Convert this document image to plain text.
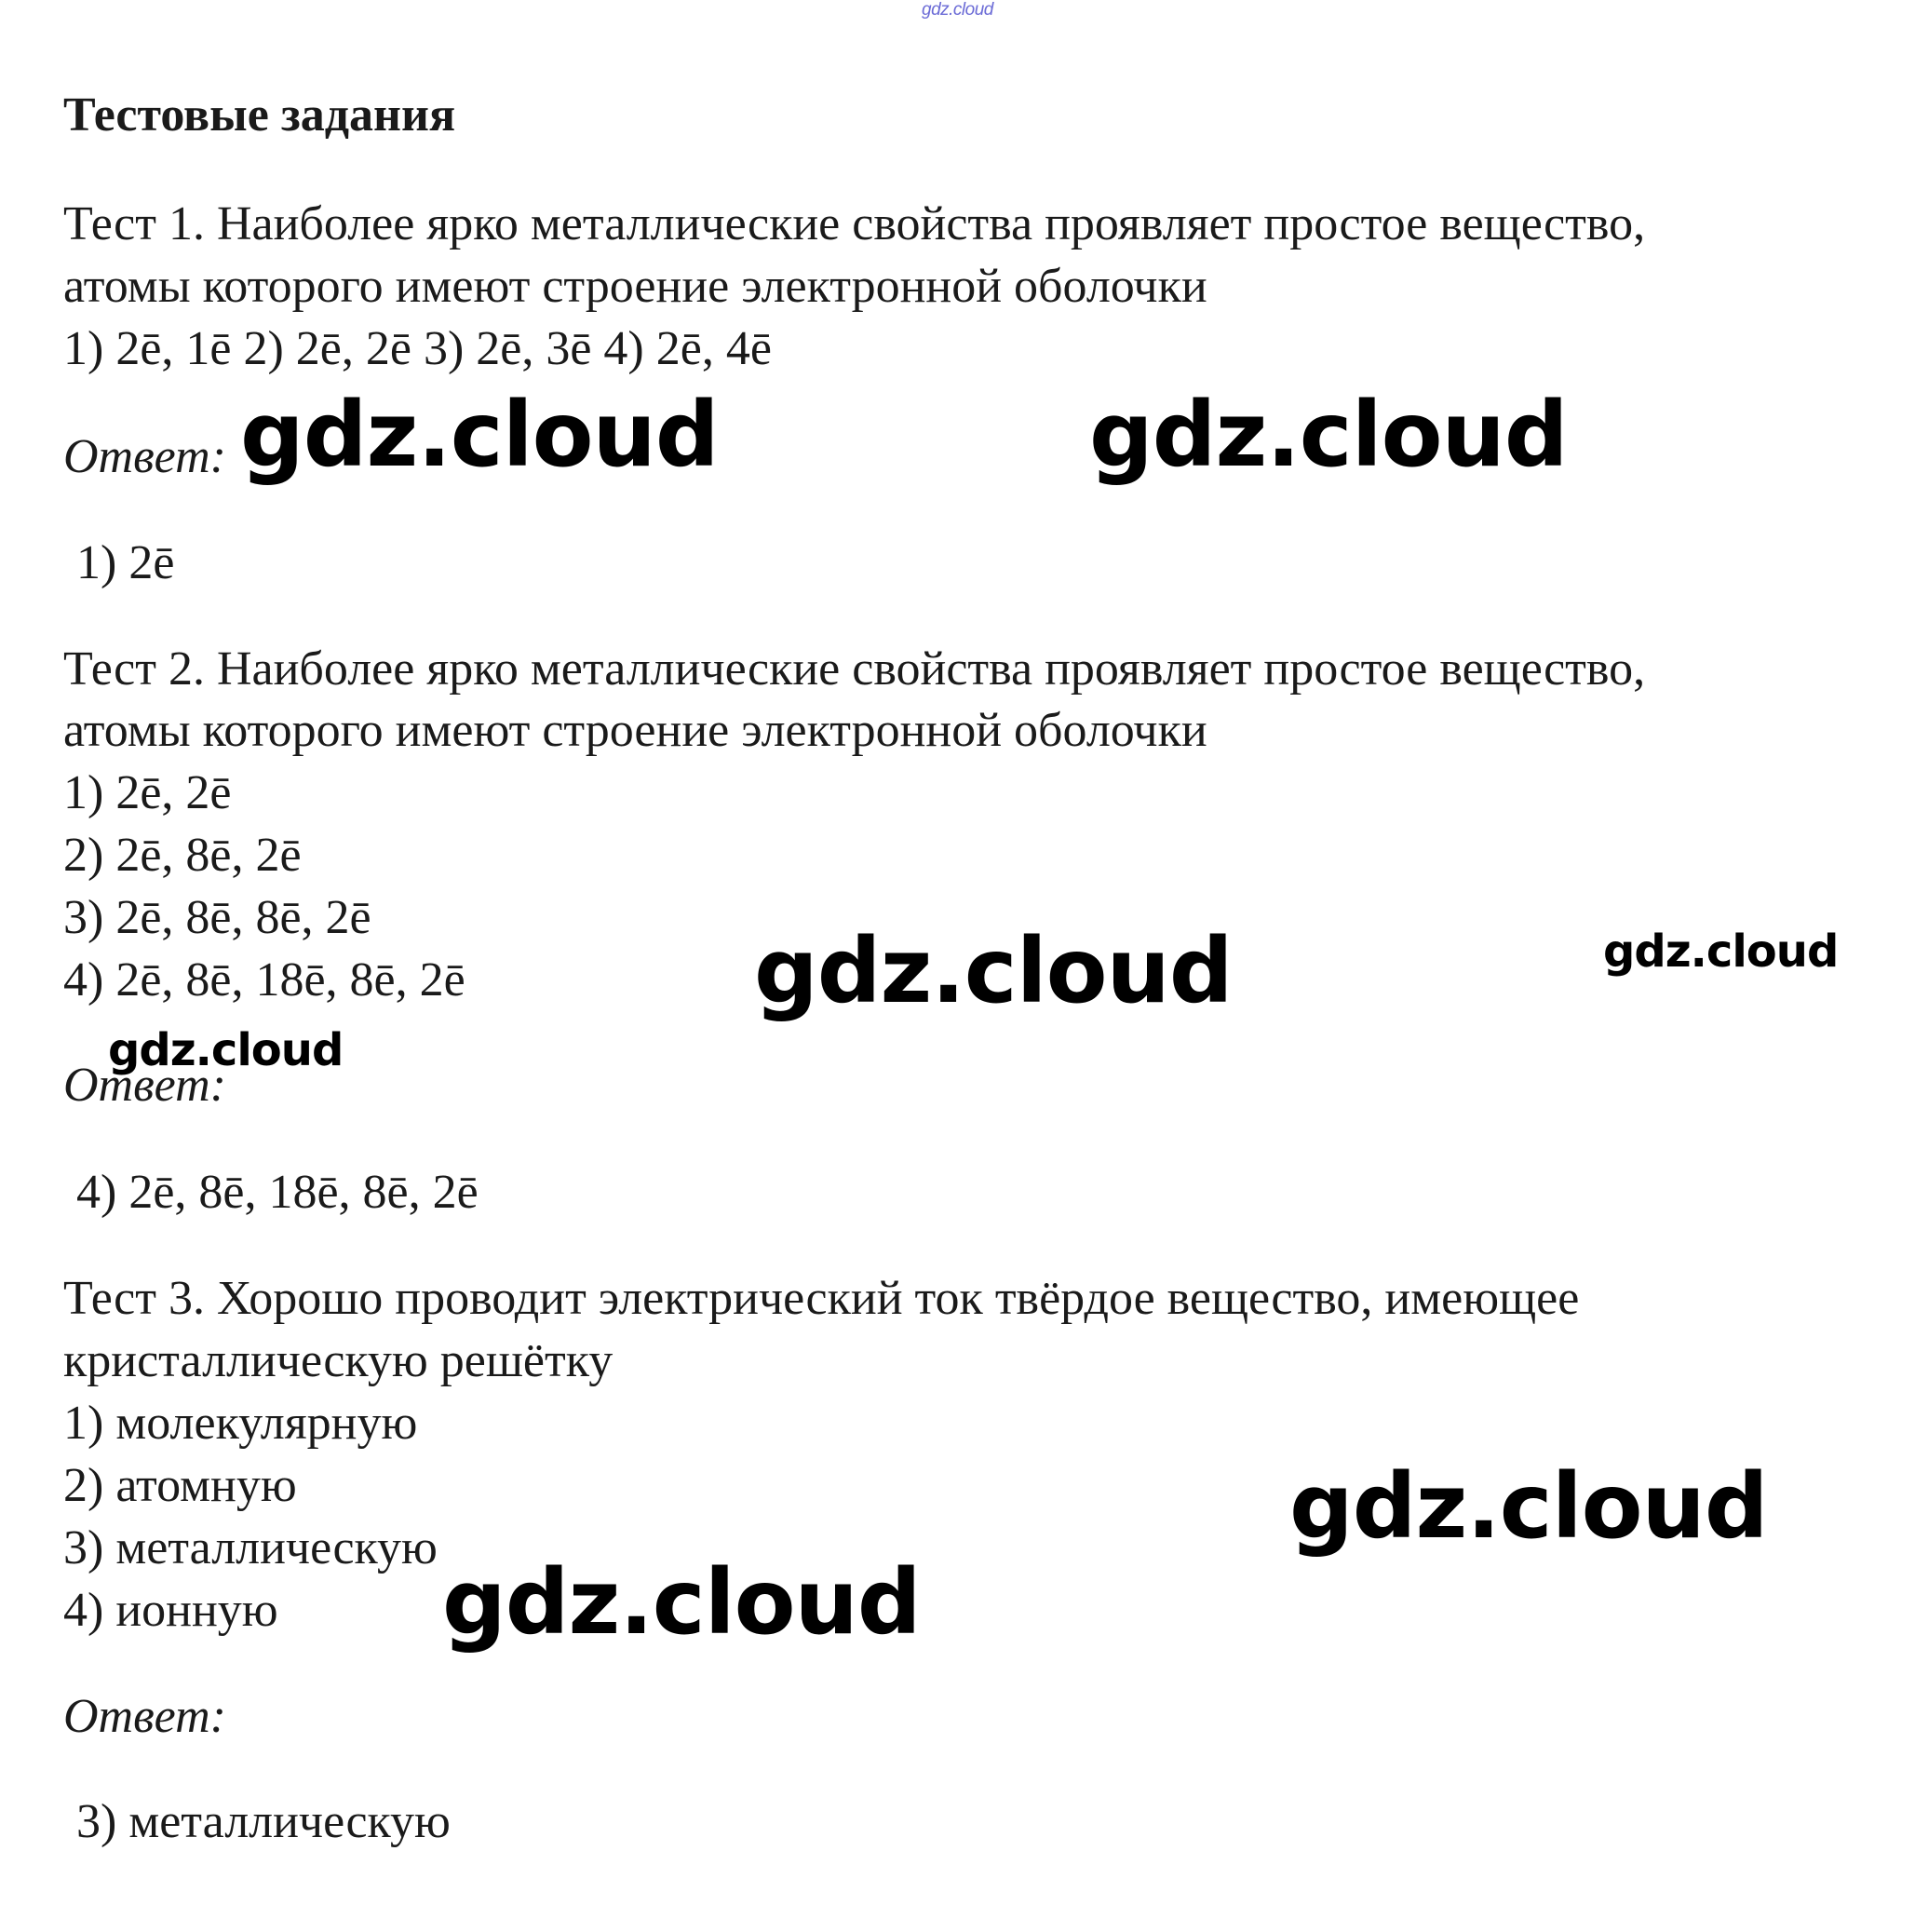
gdz.cloud
Тестовые задания
Тест 1. Наиболее ярко металлические свойства проявляет простое вещество,
атомы которого имеют строение электронной оболочки
1) 2ē, 1ē 2) 2ē, 2ē 3) 2ē, 3ē 4) 2ē, 4ē
Ответ:
1) 2ē
Тест 2. Наиболее ярко металлические свойства проявляет простое вещество,
атомы которого имеют строение электронной оболочки
1) 2ē, 2ē
2) 2ē, 8ē, 2ē
3) 2ē, 8ē, 8ē, 2ē
4) 2ē, 8ē, 18ē, 8ē, 2ē
Ответ:
4) 2ē, 8ē, 18ē, 8ē, 2ē
Тест 3. Хорошо проводит электрический ток твёрдое вещество, имеющее
кристаллическую решётку
1) молекулярную
2) атомную
3) металлическую
4) ионную
Ответ:
3) металлическую
gdz.cloud	gdz.cloud
gdz.cloud	gdz.cloud
gdz.cloud
gdz.cloud
gdz.cloud
